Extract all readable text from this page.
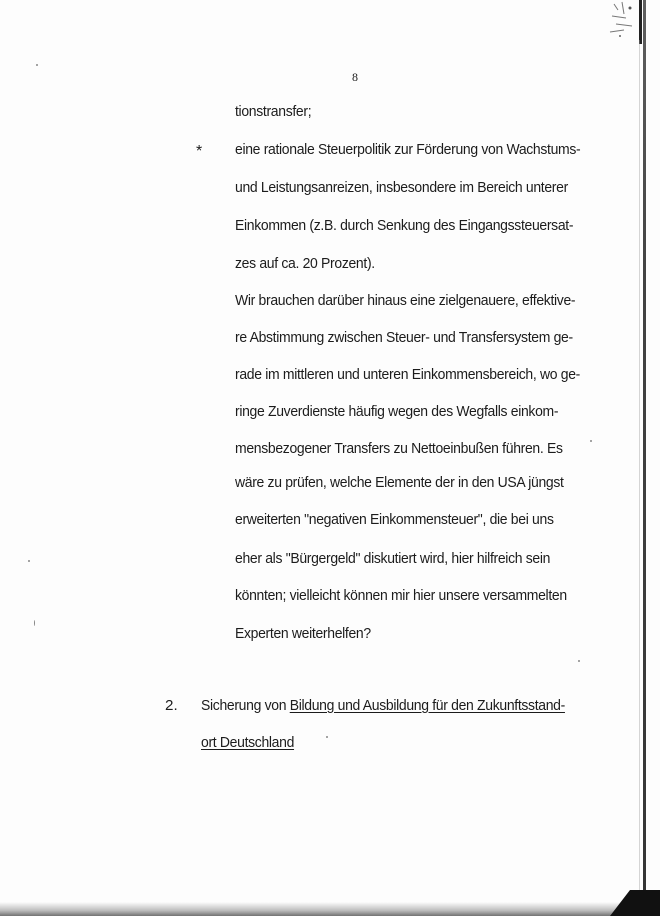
8
tionstransfer;
* eine rationale Steuerpolitik zur Förderung von Wachstums-
und Leistungsanreizen, insbesondere im Bereich unterer
Einkommen (z.B. durch Senkung des Eingangssteuersat-
zes auf ca. 20 Prozent).
Wir brauchen darüber hinaus eine zielgenauere, effektive-
re Abstimmung zwischen Steuer- und Transfersystem ge-
rade im mittleren und unteren Einkommensbereich, wo ge-
ringe Zuverdienste häufig wegen des Wegfalls einkom-
mensbezogener Transfers zu Nettoeinbußen führen. Es
wäre zu prüfen, welche Elemente der in den USA jüngst
erweiterten "negativen Einkommensteuer", die bei uns
eher als "Bürgergeld" diskutiert wird, hier hilfreich sein
könnten; vielleicht können mir hier unsere versammelten
Experten weiterhelfen?
2. Sicherung von Bildung und Ausbildung für den Zukunftsstand-
ort Deutschland
